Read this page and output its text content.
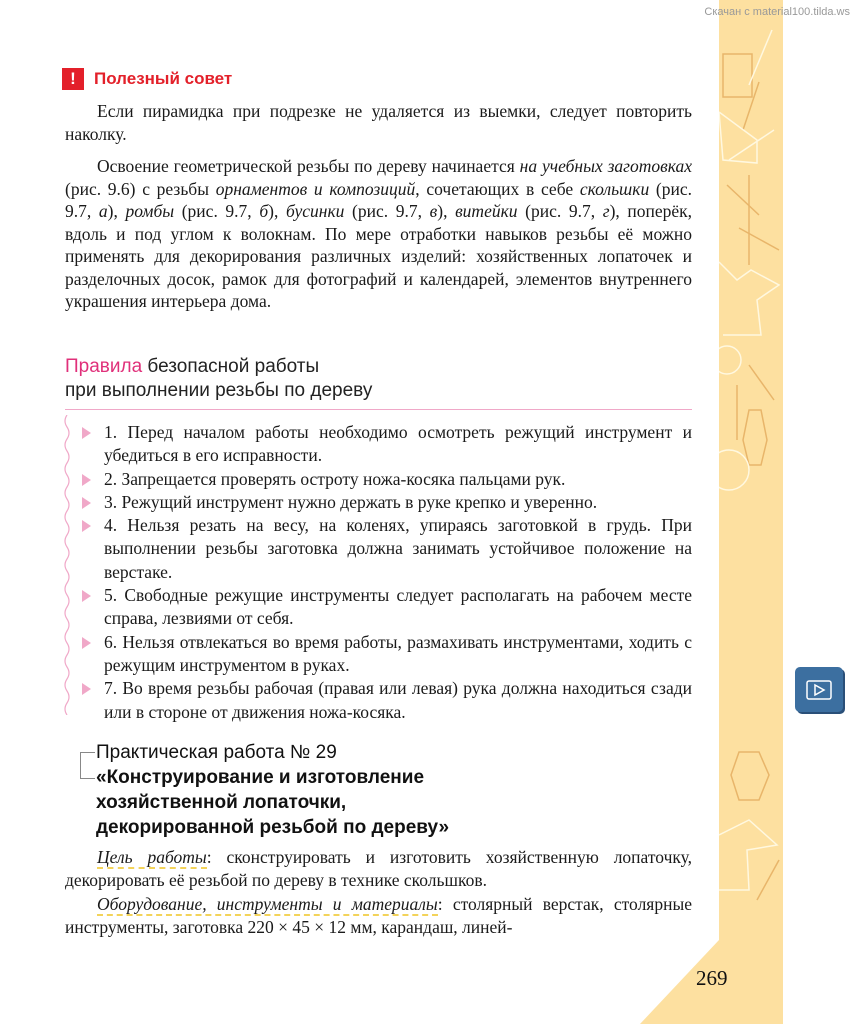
Скачан с material100.tilda.ws
!	Полезный совет
Если пирамидка при подрезке не удаляется из выемки, следует повторить наколку.
Освоение геометрической резьбы по дереву начинается на учебных заготовках (рис. 9.6) с резьбы орнаментов и композиций, сочетающих в себе скольшки (рис. 9.7, а), ромбы (рис. 9.7, б), бусинки (рис. 9.7, в), витейки (рис. 9.7, г), поперёк, вдоль и под углом к волокнам. По мере отработки навыков резьбы её можно применять для декорирования различных изделий: хозяйственных лопаточек и разделочных досок, рамок для фотографий и календарей, элементов внутреннего украшения интерьера дома.
Правила безопасной работы
при выполнении резьбы по дереву
1. Перед началом работы необходимо осмотреть режущий инструмент и убедиться в его исправности.
2. Запрещается проверять остроту ножа-косяка пальцами рук.
3. Режущий инструмент нужно держать в руке крепко и уверенно.
4. Нельзя резать на весу, на коленях, упираясь заготовкой в грудь. При выполнении резьбы заготовка должна занимать устойчивое положение на верстаке.
5. Свободные режущие инструменты следует располагать на рабочем месте справа, лезвиями от себя.
6. Нельзя отвлекаться во время работы, размахивать инструментами, ходить с режущим инструментом в руках.
7. Во время резьбы рабочая (правая или левая) рука должна находиться сзади или в стороне от движения ножа-косяка.
Практическая работа № 29
«Конструирование и изготовление
хозяйственной лопаточки,
декорированной резьбой по дереву»
Цель работы: сконструировать и изготовить хозяйственную лопаточку, декорировать её резьбой по дереву в технике скольшков.
Оборудование, инструменты и материалы: столярный верстак, столярные инструменты, заготовка 220 × 45 × 12 мм, карандаш, линей-
269
